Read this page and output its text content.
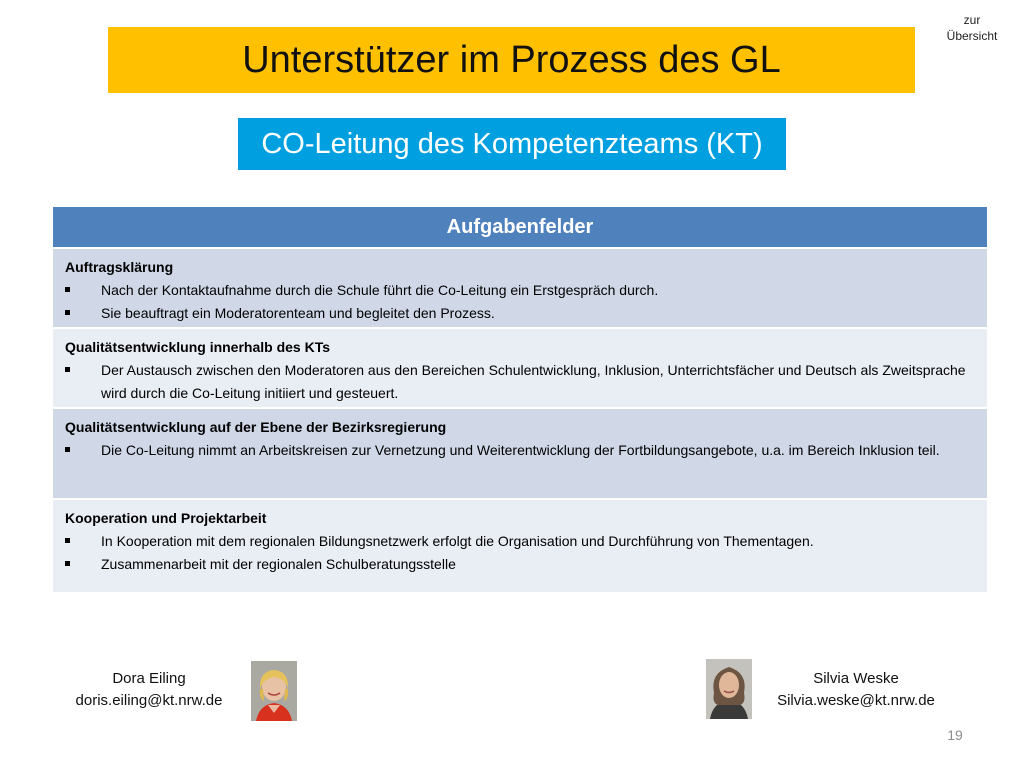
zur
Übersicht
Unterstützer im Prozess des GL
CO-Leitung des Kompetenzteams (KT)
Aufgabenfelder
Auftragsklärung
Nach der Kontaktaufnahme durch die Schule führt die Co-Leitung ein Erstgespräch durch.
Sie beauftragt ein Moderatorenteam und begleitet den Prozess.
Qualitätsentwicklung innerhalb des KTs
Der Austausch zwischen den Moderatoren aus den Bereichen Schulentwicklung, Inklusion, Unterrichtsfächer und Deutsch als Zweitsprache wird durch die Co-Leitung initiiert und gesteuert.
Qualitätsentwicklung auf der Ebene der Bezirksregierung
Die Co-Leitung nimmt an Arbeitskreisen zur Vernetzung und Weiterentwicklung der Fortbildungsangebote, u.a. im Bereich Inklusion teil.
Kooperation und Projektarbeit
In Kooperation mit dem regionalen Bildungsnetzwerk erfolgt die Organisation und Durchführung von Thementagen.
Zusammenarbeit mit der regionalen Schulberatungsstelle
Dora Eiling
doris.eiling@kt.nrw.de
Silvia Weske
Silvia.weske@kt.nrw.de
19
